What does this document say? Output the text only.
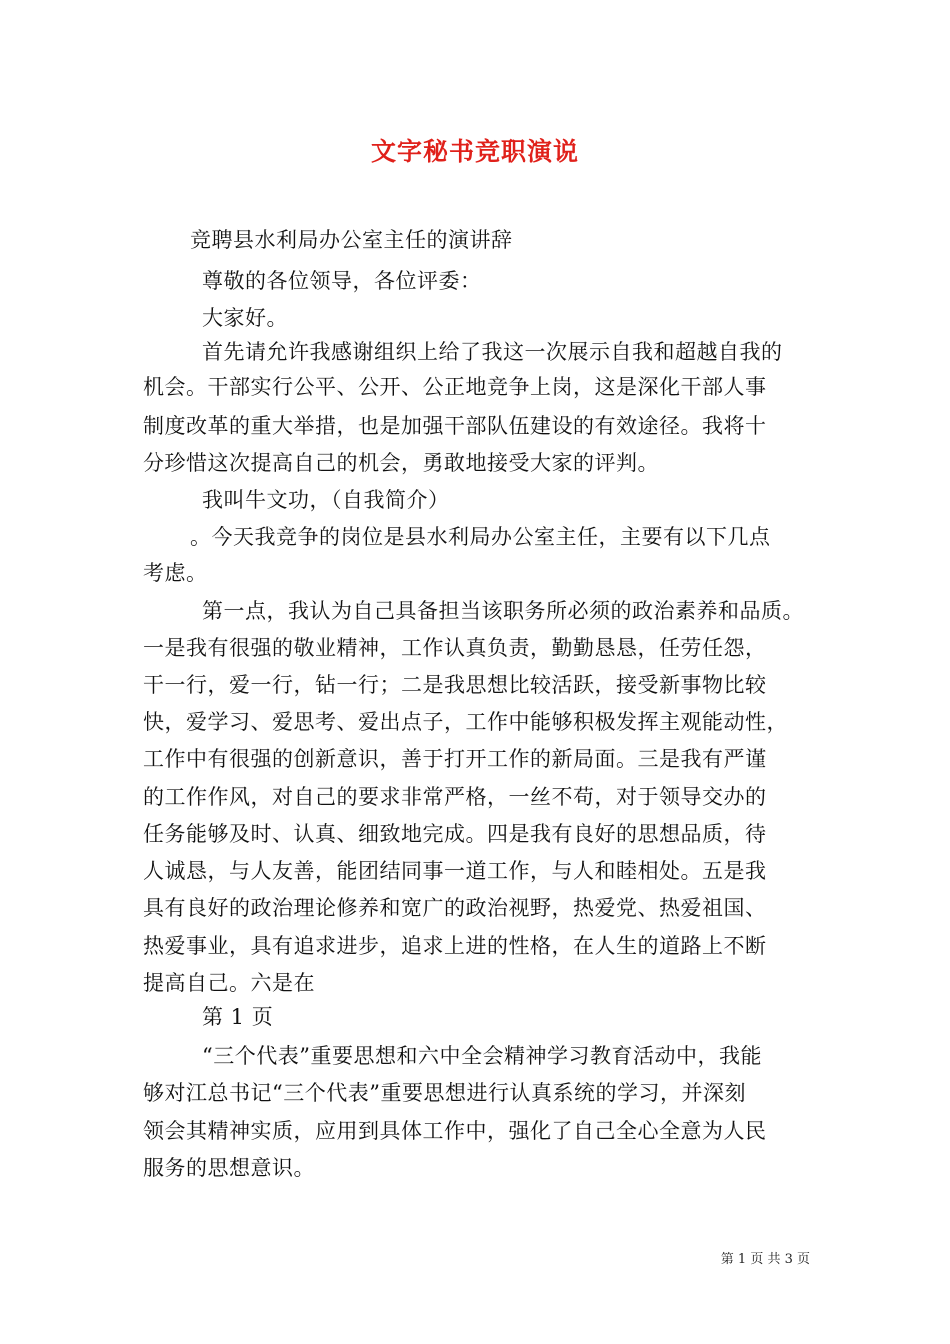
文字秘书竞职演说
竞聘县水利局办公室主任的演讲辞
尊敬的各位领导，各位评委：
大家好。
首先请允许我感谢组织上给了我这一次展示自我和超越自我的
机会。干部实行公平、公开、公正地竞争上岗，这是深化干部人事
制度改革的重大举措，也是加强干部队伍建设的有效途径。我将十
分珍惜这次提高自己的机会，勇敢地接受大家的评判。
我叫牛文功，（自我简介）
。今天我竞争的岗位是县水利局办公室主任，主要有以下几点
考虑。
第一点，我认为自己具备担当该职务所必须的政治素养和品质。
一是我有很强的敬业精神，工作认真负责，勤勤恳恳，任劳任怨，
干一行，爱一行，钻一行；二是我思想比较活跃，接受新事物比较
快，爱学习、爱思考、爱出点子，工作中能够积极发挥主观能动性，
工作中有很强的创新意识，善于打开工作的新局面。三是我有严谨
的工作作风，对自己的要求非常严格，一丝不苟，对于领导交办的
任务能够及时、认真、细致地完成。四是我有良好的思想品质，待
人诚恳，与人友善，能团结同事一道工作，与人和睦相处。五是我
具有良好的政治理论修养和宽广的政治视野，热爱党、热爱祖国、
热爱事业，具有追求进步，追求上进的性格，在人生的道路上不断
提高自己。六是在
第 1 页
“三个代表”重要思想和六中全会精神学习教育活动中，我能
够对江总书记“三个代表”重要思想进行认真系统的学习，并深刻
领会其精神实质，应用到具体工作中，强化了自己全心全意为人民
服务的思想意识。
第 1 页 共 3 页
